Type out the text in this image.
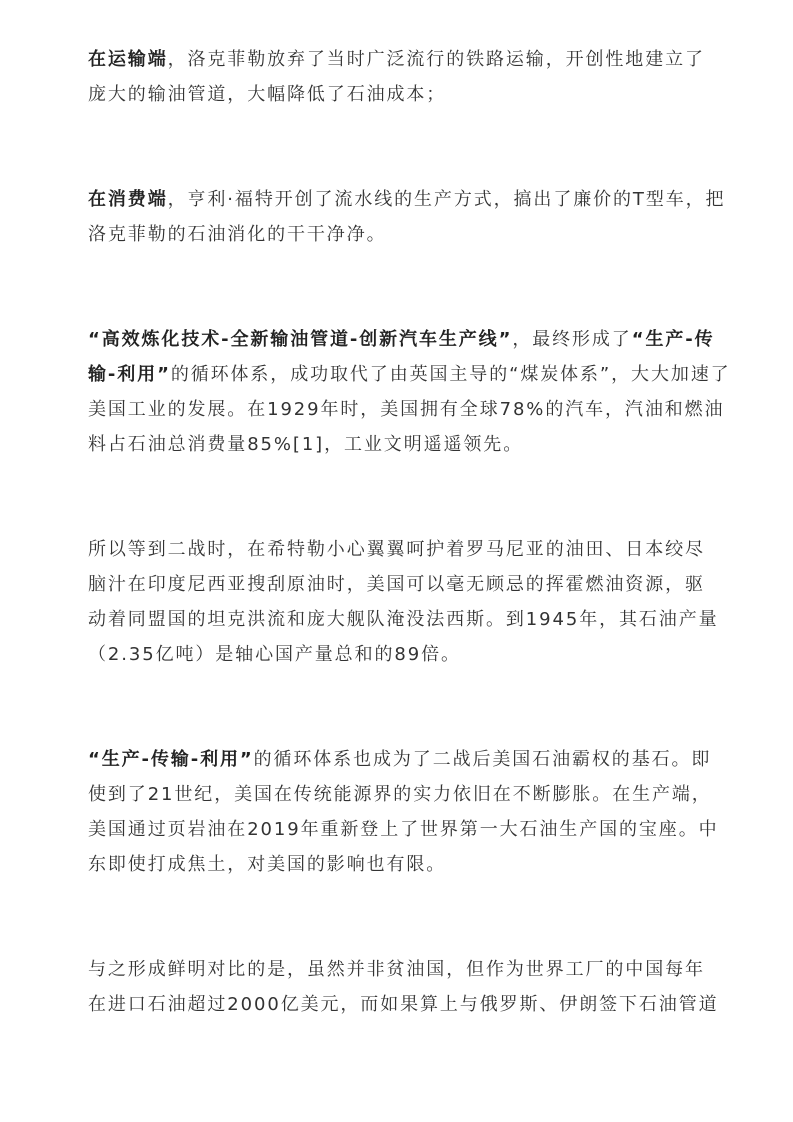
在运输端，洛克菲勒放弃了当时广泛流行的铁路运输，开创性地建立了
庞大的输油管道，大幅降低了石油成本；
在消费端，亨利·福特开创了流水线的生产方式，搞出了廉价的T型车，把
洛克菲勒的石油消化的干干净净。
“高效炼化技术-全新输油管道-创新汽车生产线”，最终形成了“生产-传
输-利用”的循环体系，成功取代了由英国主导的“煤炭体系”，大大加速了
美国工业的发展。在1929年时，美国拥有全球78%的汽车，汽油和燃油
料占石油总消费量85%[1]，工业文明遥遥领先。
所以等到二战时，在希特勒小心翼翼呵护着罗马尼亚的油田、日本绞尽
脑汁在印度尼西亚搜刮原油时，美国可以毫无顾忌的挥霍燃油资源，驱
动着同盟国的坦克洪流和庞大舰队淹没法西斯。到1945年，其石油产量
（2.35亿吨）是轴心国产量总和的89倍。
“生产-传输-利用”的循环体系也成为了二战后美国石油霸权的基石。即
使到了21世纪，美国在传统能源界的实力依旧在不断膨胀。在生产端，
美国通过页岩油在2019年重新登上了世界第一大石油生产国的宝座。中
东即使打成焦土，对美国的影响也有限。
与之形成鲜明对比的是，虽然并非贫油国，但作为世界工厂的中国每年
在进口石油超过2000亿美元，而如果算上与俄罗斯、伊朗签下石油管道
